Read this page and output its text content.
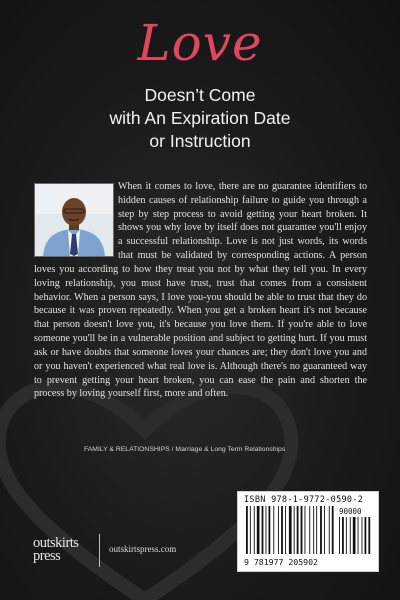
Love
Doesn’t Come
with An Expiration Date
or Instruction

When it comes to love, there are no guarantee identifiers to hidden causes of relationship failure to guide you through a step by step process to avoid getting your heart broken. It shows you why love by itself does not guarantee you'll enjoy a successful relationship. Love is not just words, its words that must be validated by corresponding actions. A person loves you according to how they treat you not by what they tell you. In every loving relationship, you must have trust, trust that comes from a consistent behavior. When a person says, I love you-you should be able to trust that they do because it was proven repeatedly. When you get a broken heart it's not because that person doesn't love you, it's because you love them. If you're able to love someone you'll be in a vulnerable position and subject to getting hurt. If you must ask or have doubts that someone loves your chances are; they don't love you and or you haven't experienced what real love is. Although there's no guaranteed way to prevent getting your heart broken, you can ease the pain and shorten the process by loving yourself first, more and often.

FAMILY & RELATIONSHIPS / Marriage & Long Term Relationships
outskirts
press	outskirtspress.com
ISBN 978-1-9772-0590-2
90000
9 781977 205902
